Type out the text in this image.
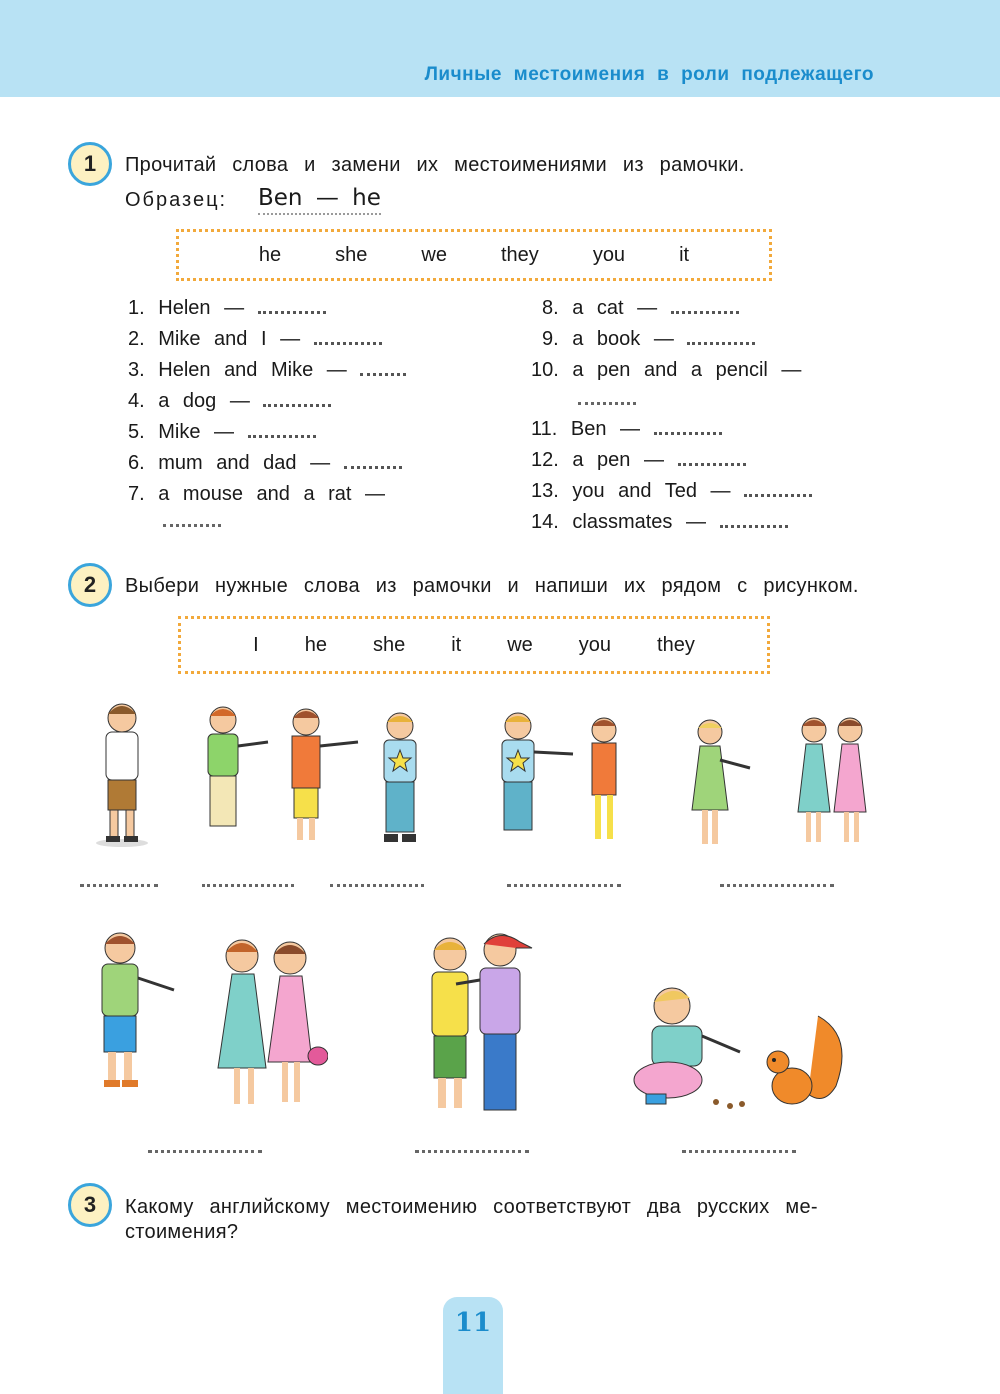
Личные местоимения в роли подлежащего
1	Прочитай слова и замени их местоимениями из рамочки.
Образец: Ben — he
he	she	we	they	you	it
1. Helen —
2. Mike and I —
3. Helen and Mike —
4. a dog —
5. Mike —
6. mum and dad —
7. a mouse and a rat —
8. a cat —
9. a book —
10. a pen and a pencil —
11. Ben —
12. a pen —
13. you and Ted —
14. classmates —
2	Выбери нужные слова из рамочки и напиши их рядом с рисунком.
I he she it we you they
3	Какому английскому местоимению соответствуют два русских ме-
стоимения?
11
